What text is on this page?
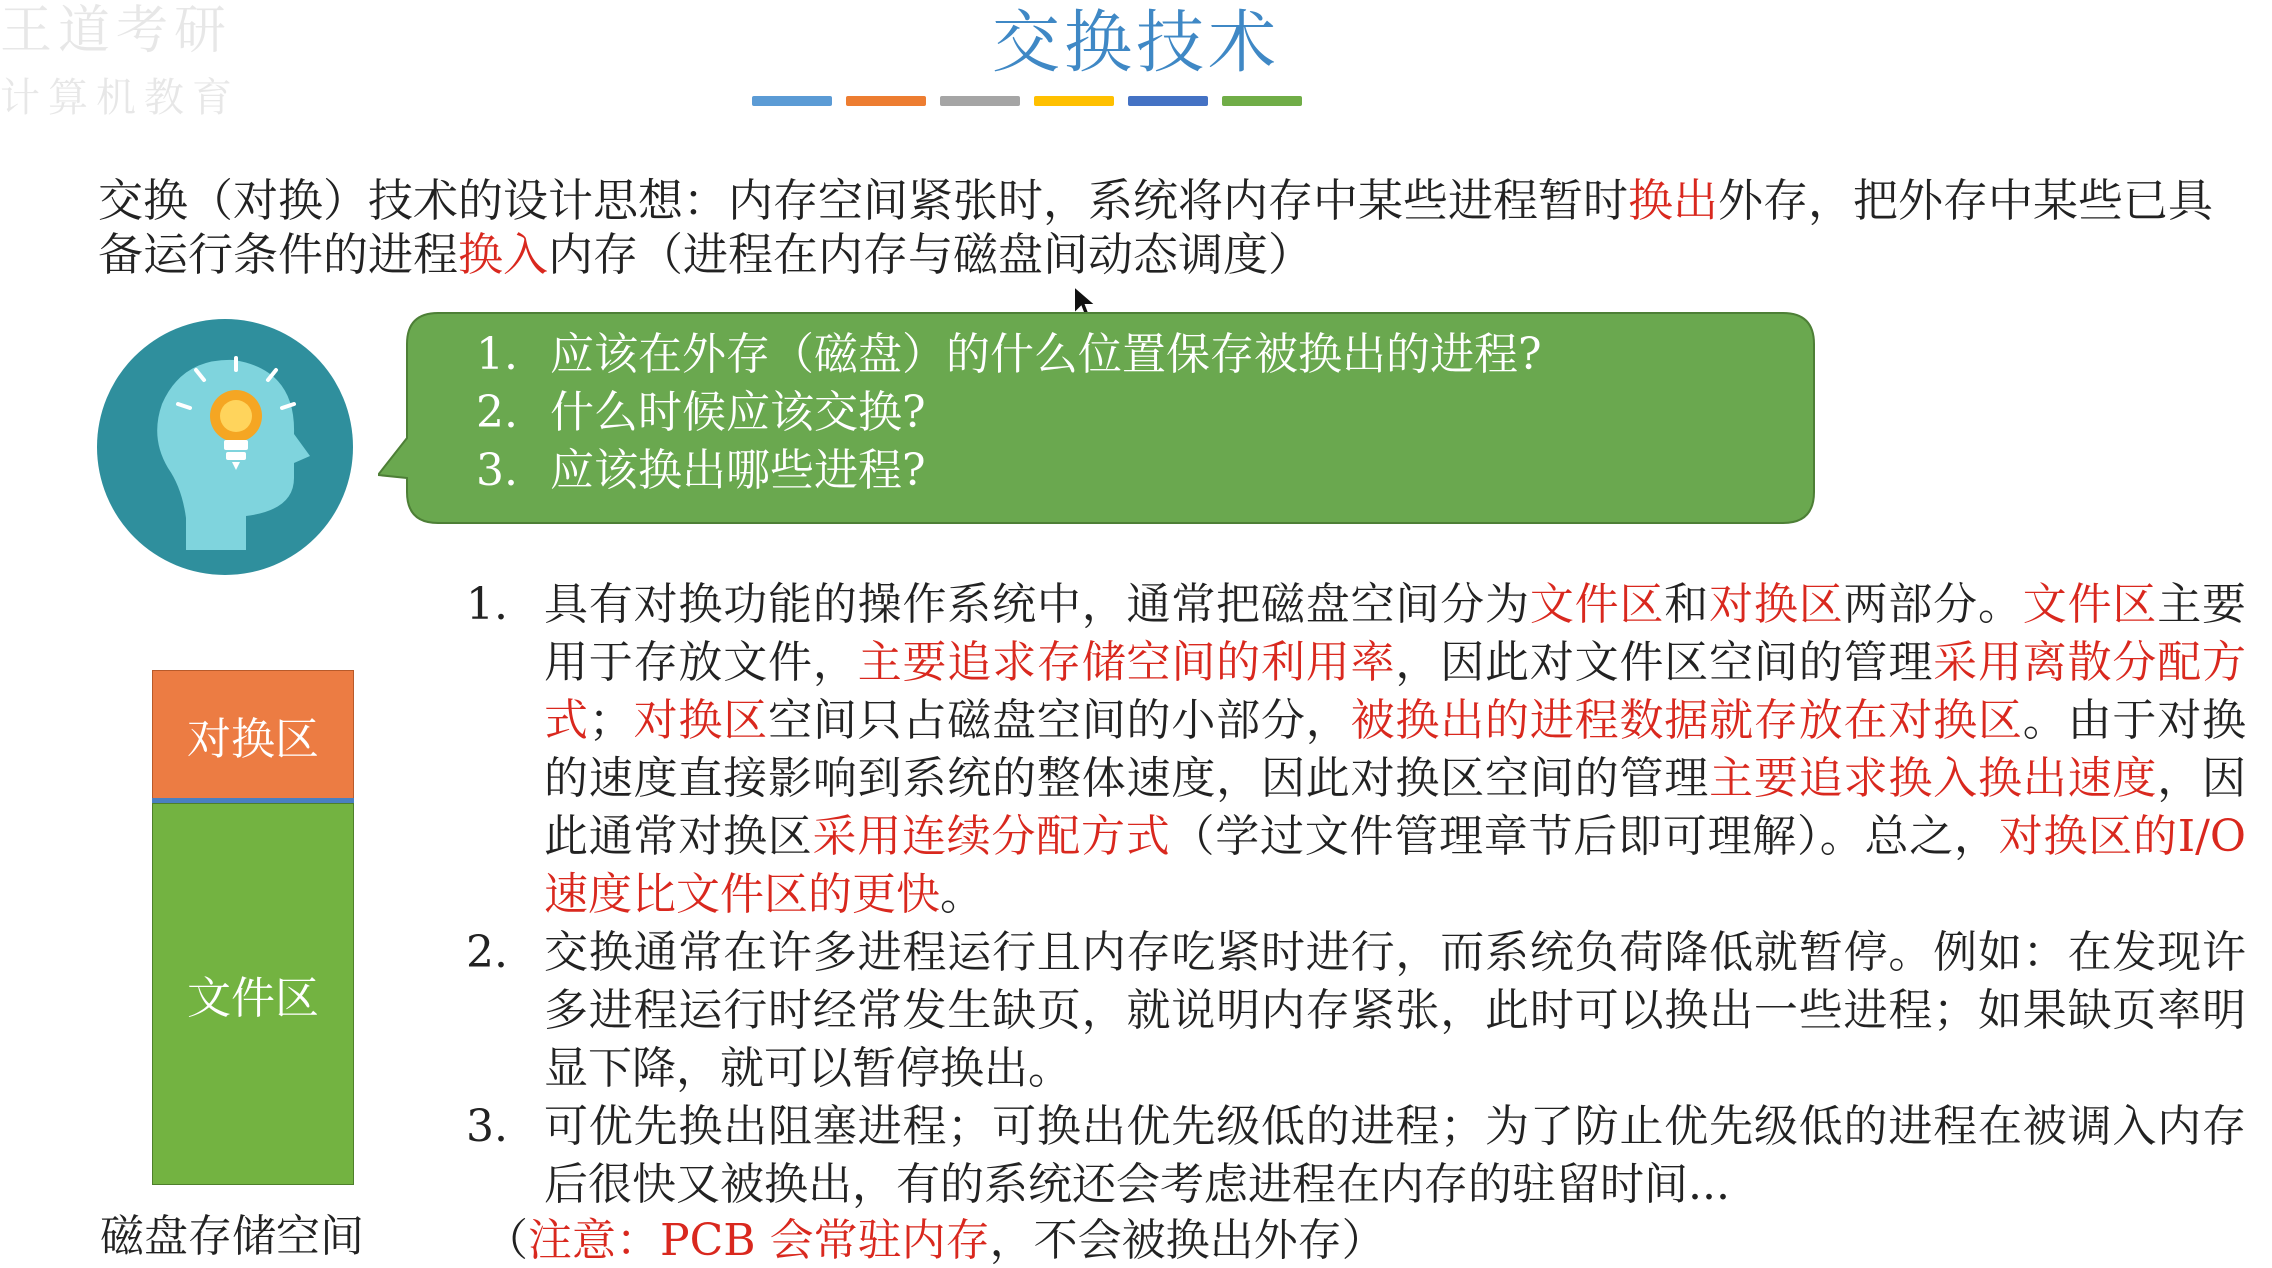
王道考研
计算机教育
交换技术
交换（对换）技术的设计思想：内存空间紧张时，系统将内存中某些进程暂时换出外存，把外存中某些已具备运行条件的进程换入内存（进程在内存与磁盘间动态调度）
1. 应该在外存（磁盘）的什么位置保存被换出的进程?
2. 什么时候应该交换?
3. 应该换出哪些进程?
对换区
文件区
磁盘存储空间
1. 具有对换功能的操作系统中，通常把磁盘空间分为文件区和对换区两部分。文件区主要用于存放文件，主要追求存储空间的利用率，因此对文件区空间的管理采用离散分配方式；对换区空间只占磁盘空间的小部分，被换出的进程数据就存放在对换区。由于对换的速度直接影响到系统的整体速度，因此对换区空间的管理主要追求换入换出速度，因此通常对换区采用连续分配方式（学过文件管理章节后即可理解）。总之，对换区的I/O速度比文件区的更快。
2. 交换通常在许多进程运行且内存吃紧时进行，而系统负荷降低就暂停。例如：在发现许多进程运行时经常发生缺页，就说明内存紧张，此时可以换出一些进程；如果缺页率明显下降，就可以暂停换出。
3. 可优先换出阻塞进程；可换出优先级低的进程；为了防止优先级低的进程在被调入内存后很快又被换出，有的系统还会考虑进程在内存的驻留时间...
（注意：PCB 会常驻内存，不会被换出外存）
